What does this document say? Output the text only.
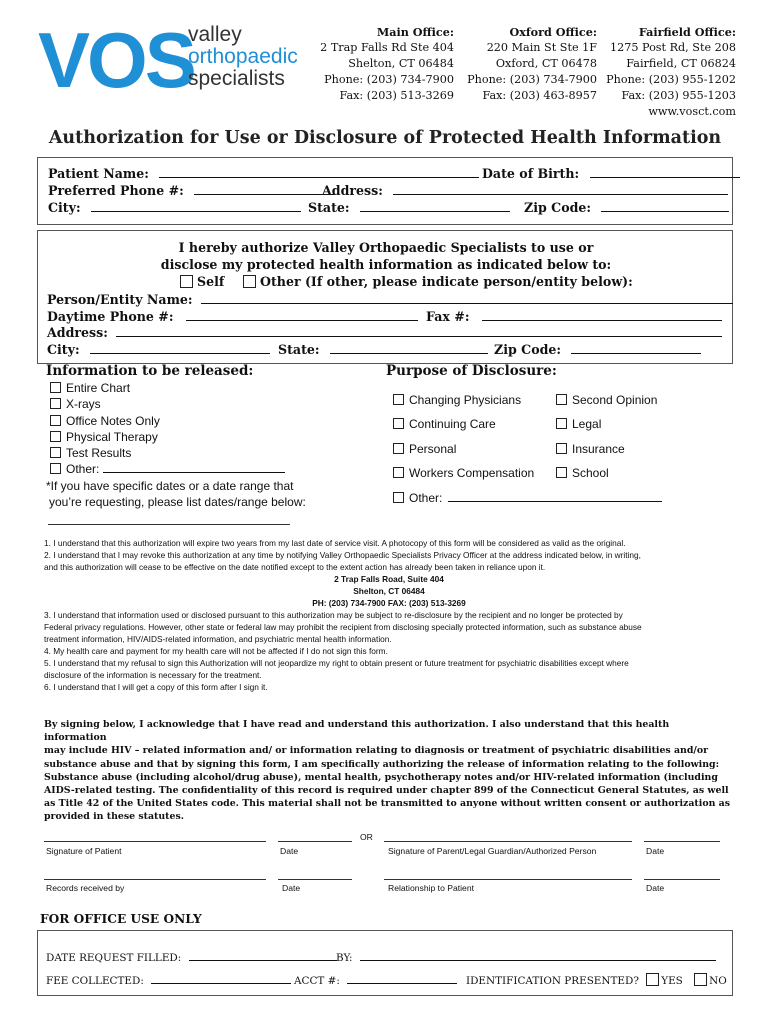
VOS
valley
orthopaedic
specialists
Main Office:
2 Trap Falls Rd Ste 404
Shelton, CT 06484
Phone: (203) 734-7900
Fax: (203) 513-3269
Oxford Office:
220 Main St Ste 1F
Oxford, CT 06478
Phone: (203) 734-7900
Fax: (203) 463-8957
Fairfield Office:
1275 Post Rd, Ste 208
Fairfield, CT 06824
Phone: (203) 955-1202
Fax: (203) 955-1203
www.vosct.com
Authorization for Use or Disclosure of Protected Health Information
Patient Name:	Date of Birth:
Preferred Phone #:	Address:
City:	State:	Zip Code:
I hereby authorize Valley Orthopaedic Specialists to use or
disclose my protected health information as indicated below to:
Self	Other (If other, please indicate person/entity below):
Person/Entity Name:
Daytime Phone #:	Fax #:
Address:
City:	State:	Zip Code:
Information to be released:
Entire Chart
X-rays
Office Notes Only
Physical Therapy
Test Results
Other:
*If you have specific dates or a date range that
you’re requesting, please list dates/range below:
Purpose of Disclosure:
Changing Physicians
Continuing Care
Personal
Workers Compensation
Other:
Second Opinion
Legal
Insurance
School
1. I understand that this authorization will expire two years from my last date of service visit. A photocopy of this form will be considered as valid as the original.
2. I understand that I may revoke this authorization at any time by notifying Valley Orthopaedic Specialists Privacy Officer at the address indicated below, in writing,
and this authorization will cease to be effective on the date notified except to the extent action has already been taken in reliance upon it.
2 Trap Falls Road, Suite 404
Shelton, CT 06484
PH: (203) 734-7900 FAX: (203) 513-3269
3. I understand that information used or disclosed pursuant to this authorization may be subject to re-disclosure by the recipient and no longer be protected by
Federal privacy regulations. However, other state or federal law may prohibit the recipient from disclosing specially protected information, such as substance abuse
treatment information, HIV/AIDS-related information, and psychiatric mental health information.
4. My health care and payment for my health care will not be affected if I do not sign this form.
5. I understand that my refusal to sign this Authorization will not jeopardize my right to obtain present or future treatment for psychiatric disabilities except where
disclosure of the information is necessary for the treatment.
6. I understand that I will get a copy of this form after I sign it.
By signing below, I acknowledge that I have read and understand this authorization. I also understand that this health information
may include HIV – related information and/ or information relating to diagnosis or treatment of psychiatric disabilities and/or
substance abuse and that by signing this form, I am specifically authorizing the release of information relating to the following:
Substance abuse (including alcohol/drug abuse), mental health, psychotherapy notes and/or HIV-related information (including
AIDS-related testing. The confidentiality of this record is required under chapter 899 of the Connecticut General Statutes, as well
as Title 42 of the United States code. This material shall not be transmitted to anyone without written consent or authorization as
provided in these statutes.
OR
Signature of Patient	Date	Signature of Parent/Legal Guardian/Authorized Person	Date
Records received by	Date	Relationship to Patient	Date
FOR OFFICE USE ONLY
DATE REQUEST FILLED:	BY:
FEE COLLECTED:	ACCT #:	IDENTIFICATION PRESENTED? YES	NO
